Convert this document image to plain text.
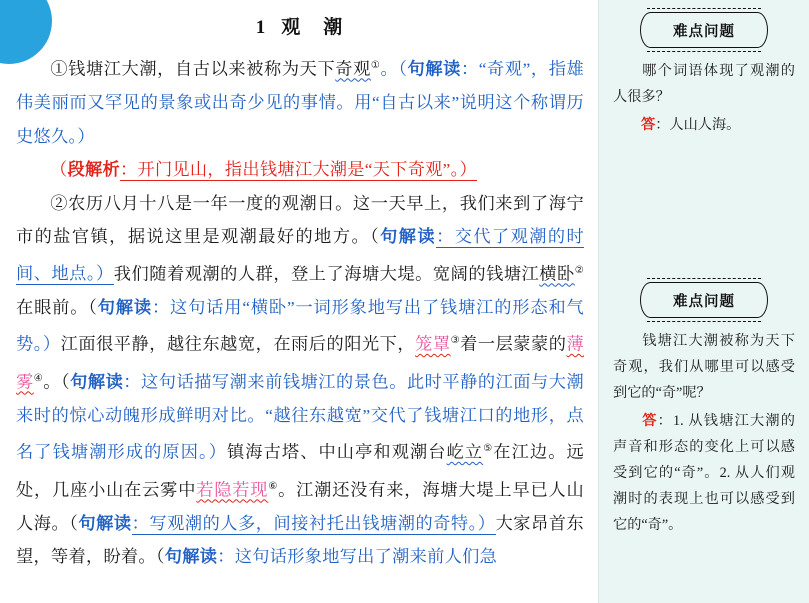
1 观　潮

①钱塘江大潮，自古以来被称为天下奇观①。（句解读：“奇观”，指雄伟美丽而又罕见的景象或出奇少见的事情。用“自古以来”说明这个称谓历史悠久。）

（段解析：开门见山，指出钱塘江大潮是“天下奇观”。）

②农历八月十八是一年一度的观潮日。这一天早上，我们来到了海宁市的盐官镇，据说这里是观潮最好的地方。（句解读：交代了观潮的时间、地点。）我们随着观潮的人群，登上了海塘大堤。宽阔的钱塘江横卧②在眼前。（句解读：这句话用“横卧”一词形象地写出了钱塘江的形态和气势。）江面很平静，越往东越宽，在雨后的阳光下，笼罩③着一层蒙蒙的薄雾④。（句解读：这句话描写潮来前钱塘江的景色。此时平静的江面与大潮来时的惊心动魄形成鲜明对比。“越往东越宽”交代了钱塘江口的地形，点名了钱塘潮形成的原因。）镇海古塔、中山亭和观潮台屹立⑤在江边。远处，几座小山在云雾中若隐若现⑥。江潮还没有来，海塘大堤上早已人山人海。（句解读：写观潮的人多，间接衬托出钱塘潮的奇特。）大家昂首东望，等着，盼着。（句解读：这句话形象地写出了潮来前人们急

难点问题
哪个词语体现了观潮的人很多？
答：人山人海。
难点问题
钱塘江大潮被称为天下奇观，我们从哪里可以感受到它的“奇”呢？
答：1. 从钱塘江大潮的声音和形态的变化上可以感受到它的“奇”。2. 从人们观潮时的表现上也可以感受到它的“奇”。
